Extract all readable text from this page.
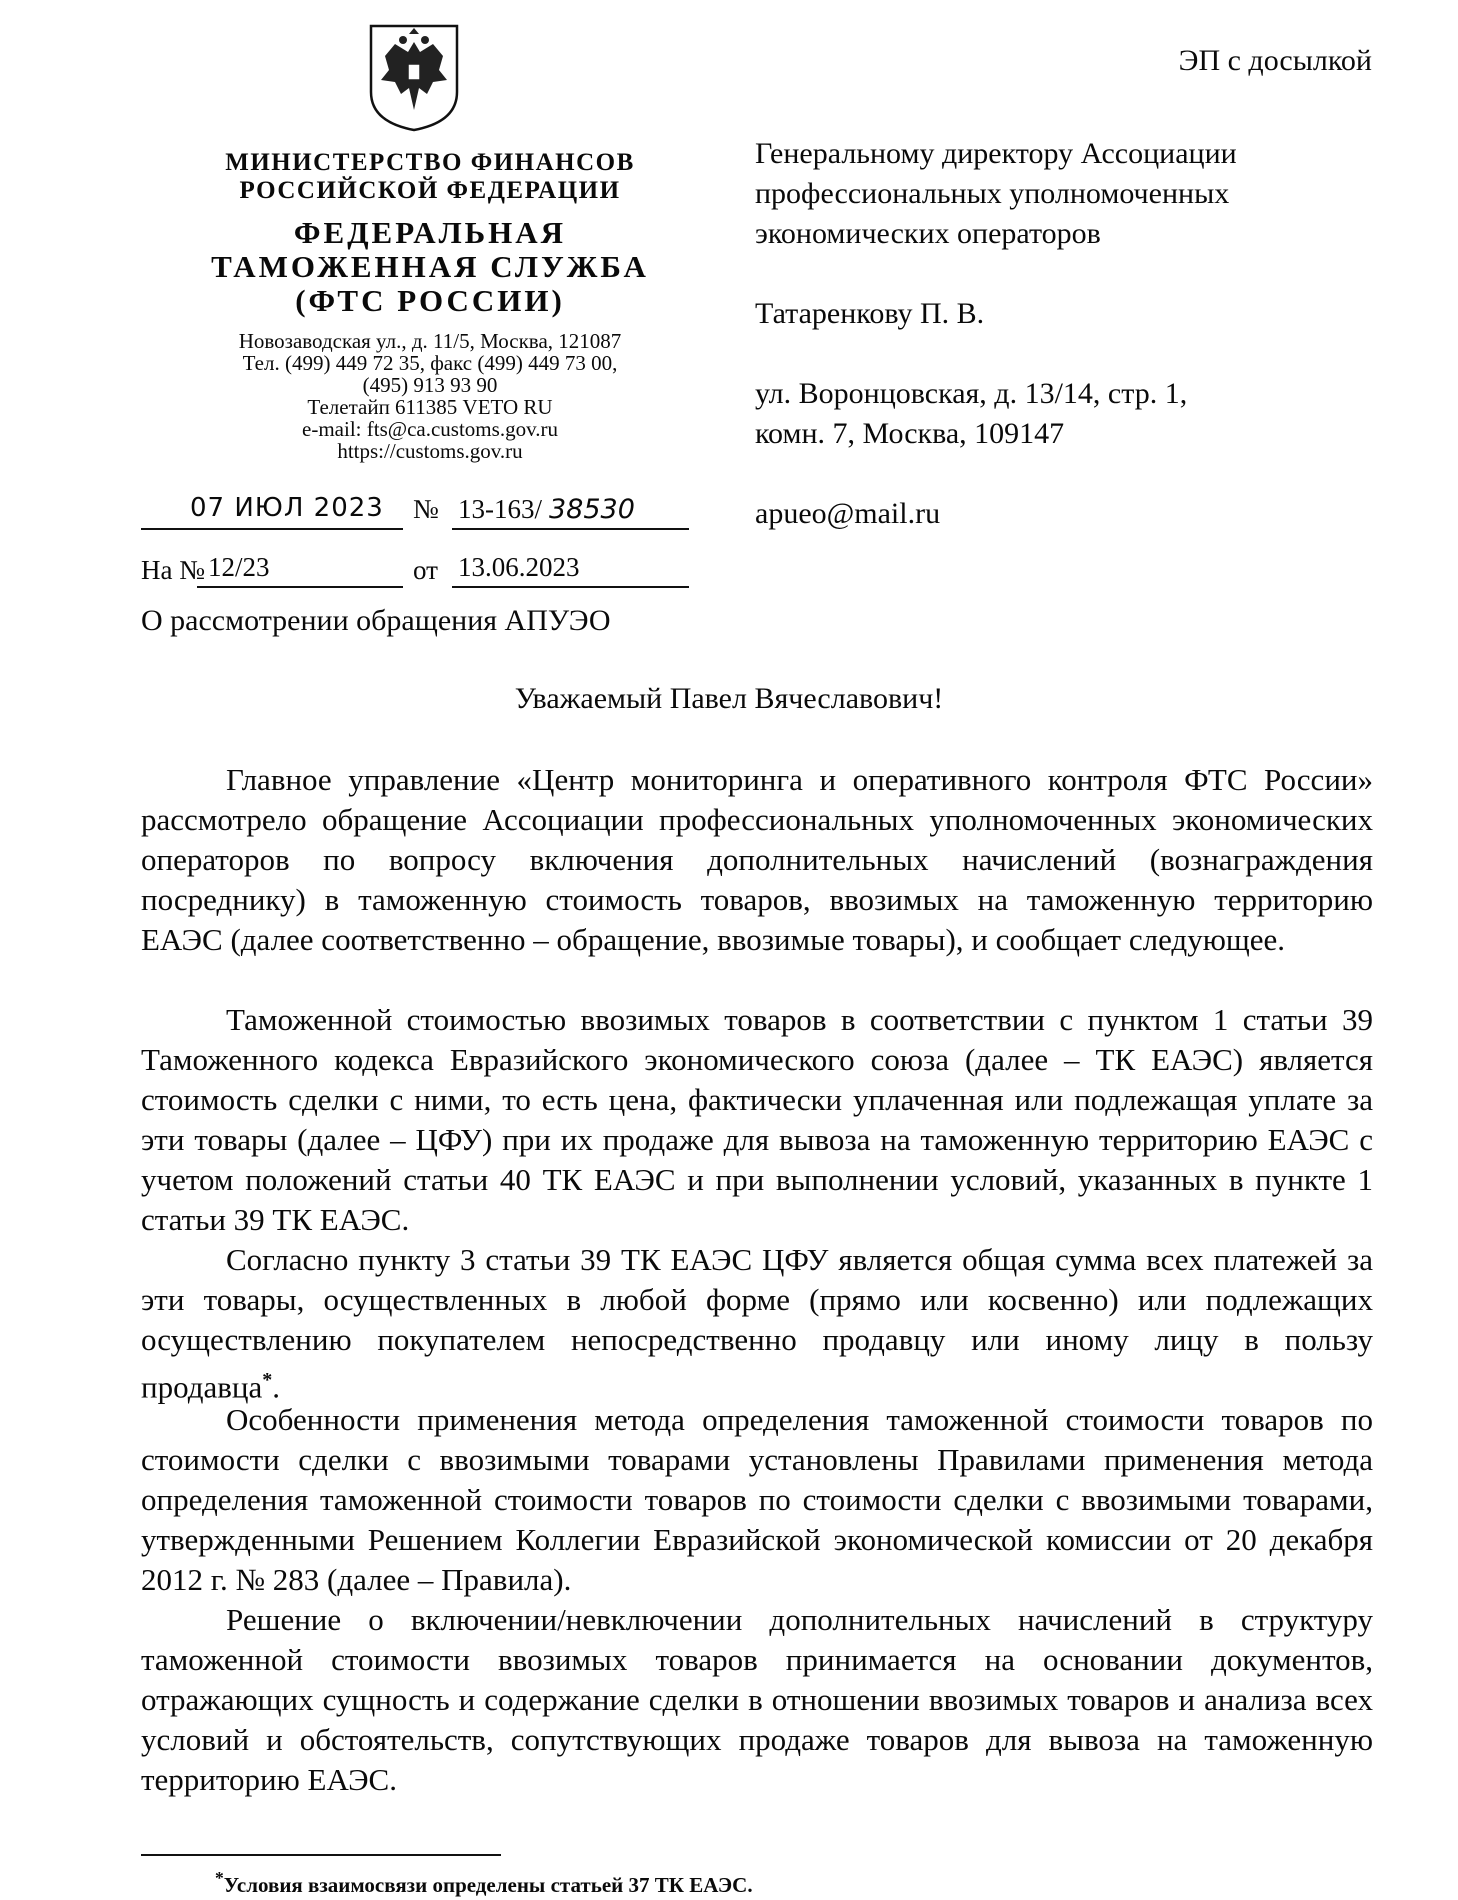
ЭП с досылкой
МИНИСТЕРСТВО ФИНАНСОВ
РОССИЙСКОЙ ФЕДЕРАЦИИ
ФЕДЕРАЛЬНАЯ
ТАМОЖЕННАЯ СЛУЖБА
(ФТС РОССИИ)
Новозаводская ул., д. 11/5, Москва, 121087
Тел. (499) 449 72 35, факс (499) 449 73 00,
(495) 913 93 90
Телетайп 611385 VETO RU
e-mail: fts@ca.customs.gov.ru
https://customs.gov.ru
07 ИЮЛ 2023 № 13-163/ 38530
На № 12/23	от 13.06.2023
О рассмотрении обращения АПУЭО
Генеральному директору Ассоциации
профессиональных уполномоченных
экономических операторов
Татаренкову П. В.
ул. Воронцовская, д. 13/14, стр. 1,
комн. 7, Москва, 109147
apueo@mail.ru
Уважаемый Павел Вячеславович!
Главное управление «Центр мониторинга и оперативного контроля ФТС России» рассмотрело обращение Ассоциации профессиональных уполномоченных экономических операторов по вопросу включения дополнительных начислений (вознаграждения посреднику) в таможенную стоимость товаров, ввозимых на таможенную территорию ЕАЭС (далее соответственно – обращение, ввозимые товары), и сообщает следующее.
Таможенной стоимостью ввозимых товаров в соответствии с пунктом 1 статьи 39 Таможенного кодекса Евразийского экономического союза (далее – ТК ЕАЭС) является стоимость сделки с ними, то есть цена, фактически уплаченная или подлежащая уплате за эти товары (далее – ЦФУ) при их продаже для вывоза на таможенную территорию ЕАЭС с учетом положений статьи 40 ТК ЕАЭС и при выполнении условий, указанных в пункте 1 статьи 39 ТК ЕАЭС.
Согласно пункту 3 статьи 39 ТК ЕАЭС ЦФУ является общая сумма всех платежей за эти товары, осуществленных в любой форме (прямо или косвенно) или подлежащих осуществлению покупателем непосредственно продавцу или иному лицу в пользу продавца*.
Особенности применения метода определения таможенной стоимости товаров по стоимости сделки с ввозимыми товарами установлены Правилами применения метода определения таможенной стоимости товаров по стоимости сделки с ввозимыми товарами, утвержденными Решением Коллегии Евразийской экономической комиссии от 20 декабря 2012 г. № 283 (далее – Правила).
Решение о включении/невключении дополнительных начислений в структуру таможенной стоимости ввозимых товаров принимается на основании документов, отражающих сущность и содержание сделки в отношении ввозимых товаров и анализа всех условий и обстоятельств, сопутствующих продаже товаров для вывоза на таможенную территорию ЕАЭС.
*Условия взаимосвязи определены статьей 37 ТК ЕАЭС.
